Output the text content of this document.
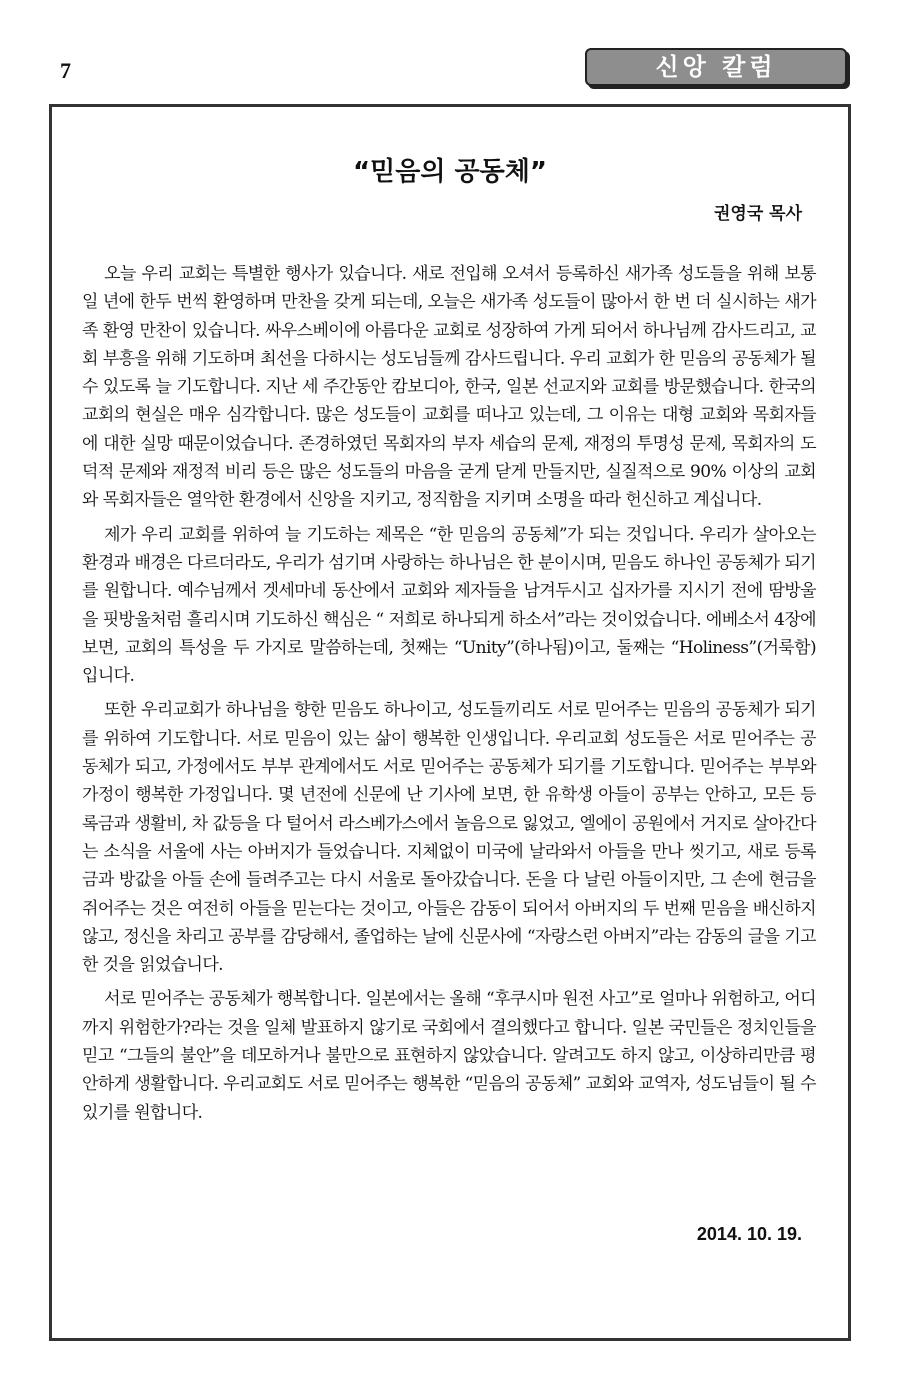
7	신앙 칼럼
“믿음의 공동체”
권영국 목사

오늘 우리 교회는 특별한 행사가 있습니다. 새로 전입해 오셔서 등록하신 새가족 성도들을 위해 보통 일 년에 한두 번씩 환영하며 만찬을 갖게 되는데, 오늘은 새가족 성도들이 많아서 한 번 더 실시하는 새가족 환영 만찬이 있습니다. 싸우스베이에 아름다운 교회로 성장하여 가게 되어서 하나님께 감사드리고, 교회 부흥을 위해 기도하며 최선을 다하시는 성도님들께 감사드립니다. 우리 교회가 한 믿음의 공동체가 될 수 있도록 늘 기도합니다. 지난 세 주간동안 캄보디아, 한국, 일본 선교지와 교회를 방문했습니다. 한국의 교회의 현실은 매우 심각합니다. 많은 성도들이 교회를 떠나고 있는데, 그 이유는 대형 교회와 목회자들에 대한 실망 때문이었습니다. 존경하였던 목회자의 부자 세습의 문제, 재정의 투명성 문제, 목회자의 도덕적 문제와 재정적 비리 등은 많은 성도들의 마음을 굳게 닫게 만들지만, 실질적으로 90% 이상의 교회와 목회자들은 열악한 환경에서 신앙을 지키고, 정직함을 지키며 소명을 따라 헌신하고 계십니다.

제가 우리 교회를 위하여 늘 기도하는 제목은 “한 믿음의 공동체”가 되는 것입니다. 우리가 살아오는 환경과 배경은 다르더라도, 우리가 섬기며 사랑하는 하나님은 한 분이시며, 믿음도 하나인 공동체가 되기를 원합니다. 예수님께서 겟세마네 동산에서 교회와 제자들을 남겨두시고 십자가를 지시기 전에 땀방울을 핏방울처럼 흘리시며 기도하신 핵심은 “ 저희로 하나되게 하소서”라는 것이었습니다. 에베소서 4장에 보면, 교회의 특성을 두 가지로 말씀하는데, 첫째는 “Unity”(하나됨)이고, 둘째는 “Holiness”(거룩함)입니다.

또한 우리교회가 하나님을 향한 믿음도 하나이고, 성도들끼리도 서로 믿어주는 믿음의 공동체가 되기를 위하여 기도합니다. 서로 믿음이 있는 삶이 행복한 인생입니다. 우리교회 성도들은 서로 믿어주는 공동체가 되고, 가정에서도 부부 관계에서도 서로 믿어주는 공동체가 되기를 기도합니다. 믿어주는 부부와 가정이 행복한 가정입니다. 몇 년전에 신문에 난 기사에 보면, 한 유학생 아들이 공부는 안하고, 모든 등록금과 생활비, 차 값등을 다 털어서 라스베가스에서 놀음으로 잃었고, 엘에이 공원에서 거지로 살아간다는 소식을 서울에 사는 아버지가 들었습니다. 지체없이 미국에 날라와서 아들을 만나 씻기고, 새로 등록금과 방값을 아들 손에 들려주고는 다시 서울로 돌아갔습니다. 돈을 다 날린 아들이지만, 그 손에 현금을 쥐어주는 것은 여전히 아들을 믿는다는 것이고, 아들은 감동이 되어서 아버지의 두 번째 믿음을 배신하지 않고, 정신을 차리고 공부를 감당해서, 졸업하는 날에 신문사에 “자랑스런 아버지”라는 감동의 글을 기고한 것을 읽었습니다.

서로 믿어주는 공동체가 행복합니다. 일본에서는 올해 “후쿠시마 원전 사고”로 얼마나 위험하고, 어디까지 위험한가?라는 것을 일체 발표하지 않기로 국회에서 결의했다고 합니다. 일본 국민들은 정치인들을 믿고 “그들의 불안”을 데모하거나 불만으로 표현하지 않았습니다. 알려고도 하지 않고, 이상하리만큼 평안하게 생활합니다. 우리교회도 서로 믿어주는 행복한 “믿음의 공동체” 교회와 교역자, 성도님들이 될 수 있기를 원합니다.

2014. 10. 19.
